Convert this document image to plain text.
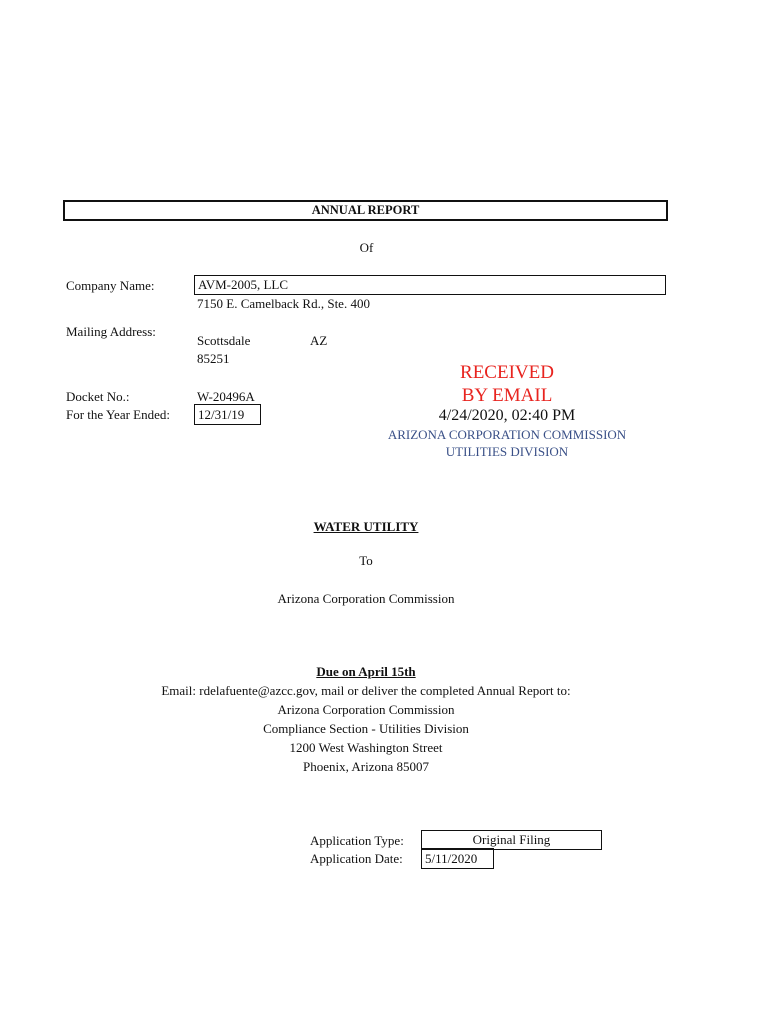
ANNUAL REPORT
Of
Company Name:	AVM-2005, LLC
7150 E. Camelback Rd., Ste. 400
Mailing Address:
Scottsdale	AZ
85251
Docket No.:	W-20496A
For the Year Ended: 12/31/19
RECEIVED
BY EMAIL
4/24/2020, 02:40 PM
ARIZONA CORPORATION COMMISSION
UTILITIES DIVISION
WATER UTILITY
To
Arizona Corporation Commission
Due on April 15th
Email: rdelafuente@azcc.gov, mail or deliver the completed Annual Report to:
Arizona Corporation Commission
Compliance Section - Utilities Division
1200 West Washington Street
Phoenix, Arizona 85007
Application Type:	Original Filing
Application Date: 5/11/2020
